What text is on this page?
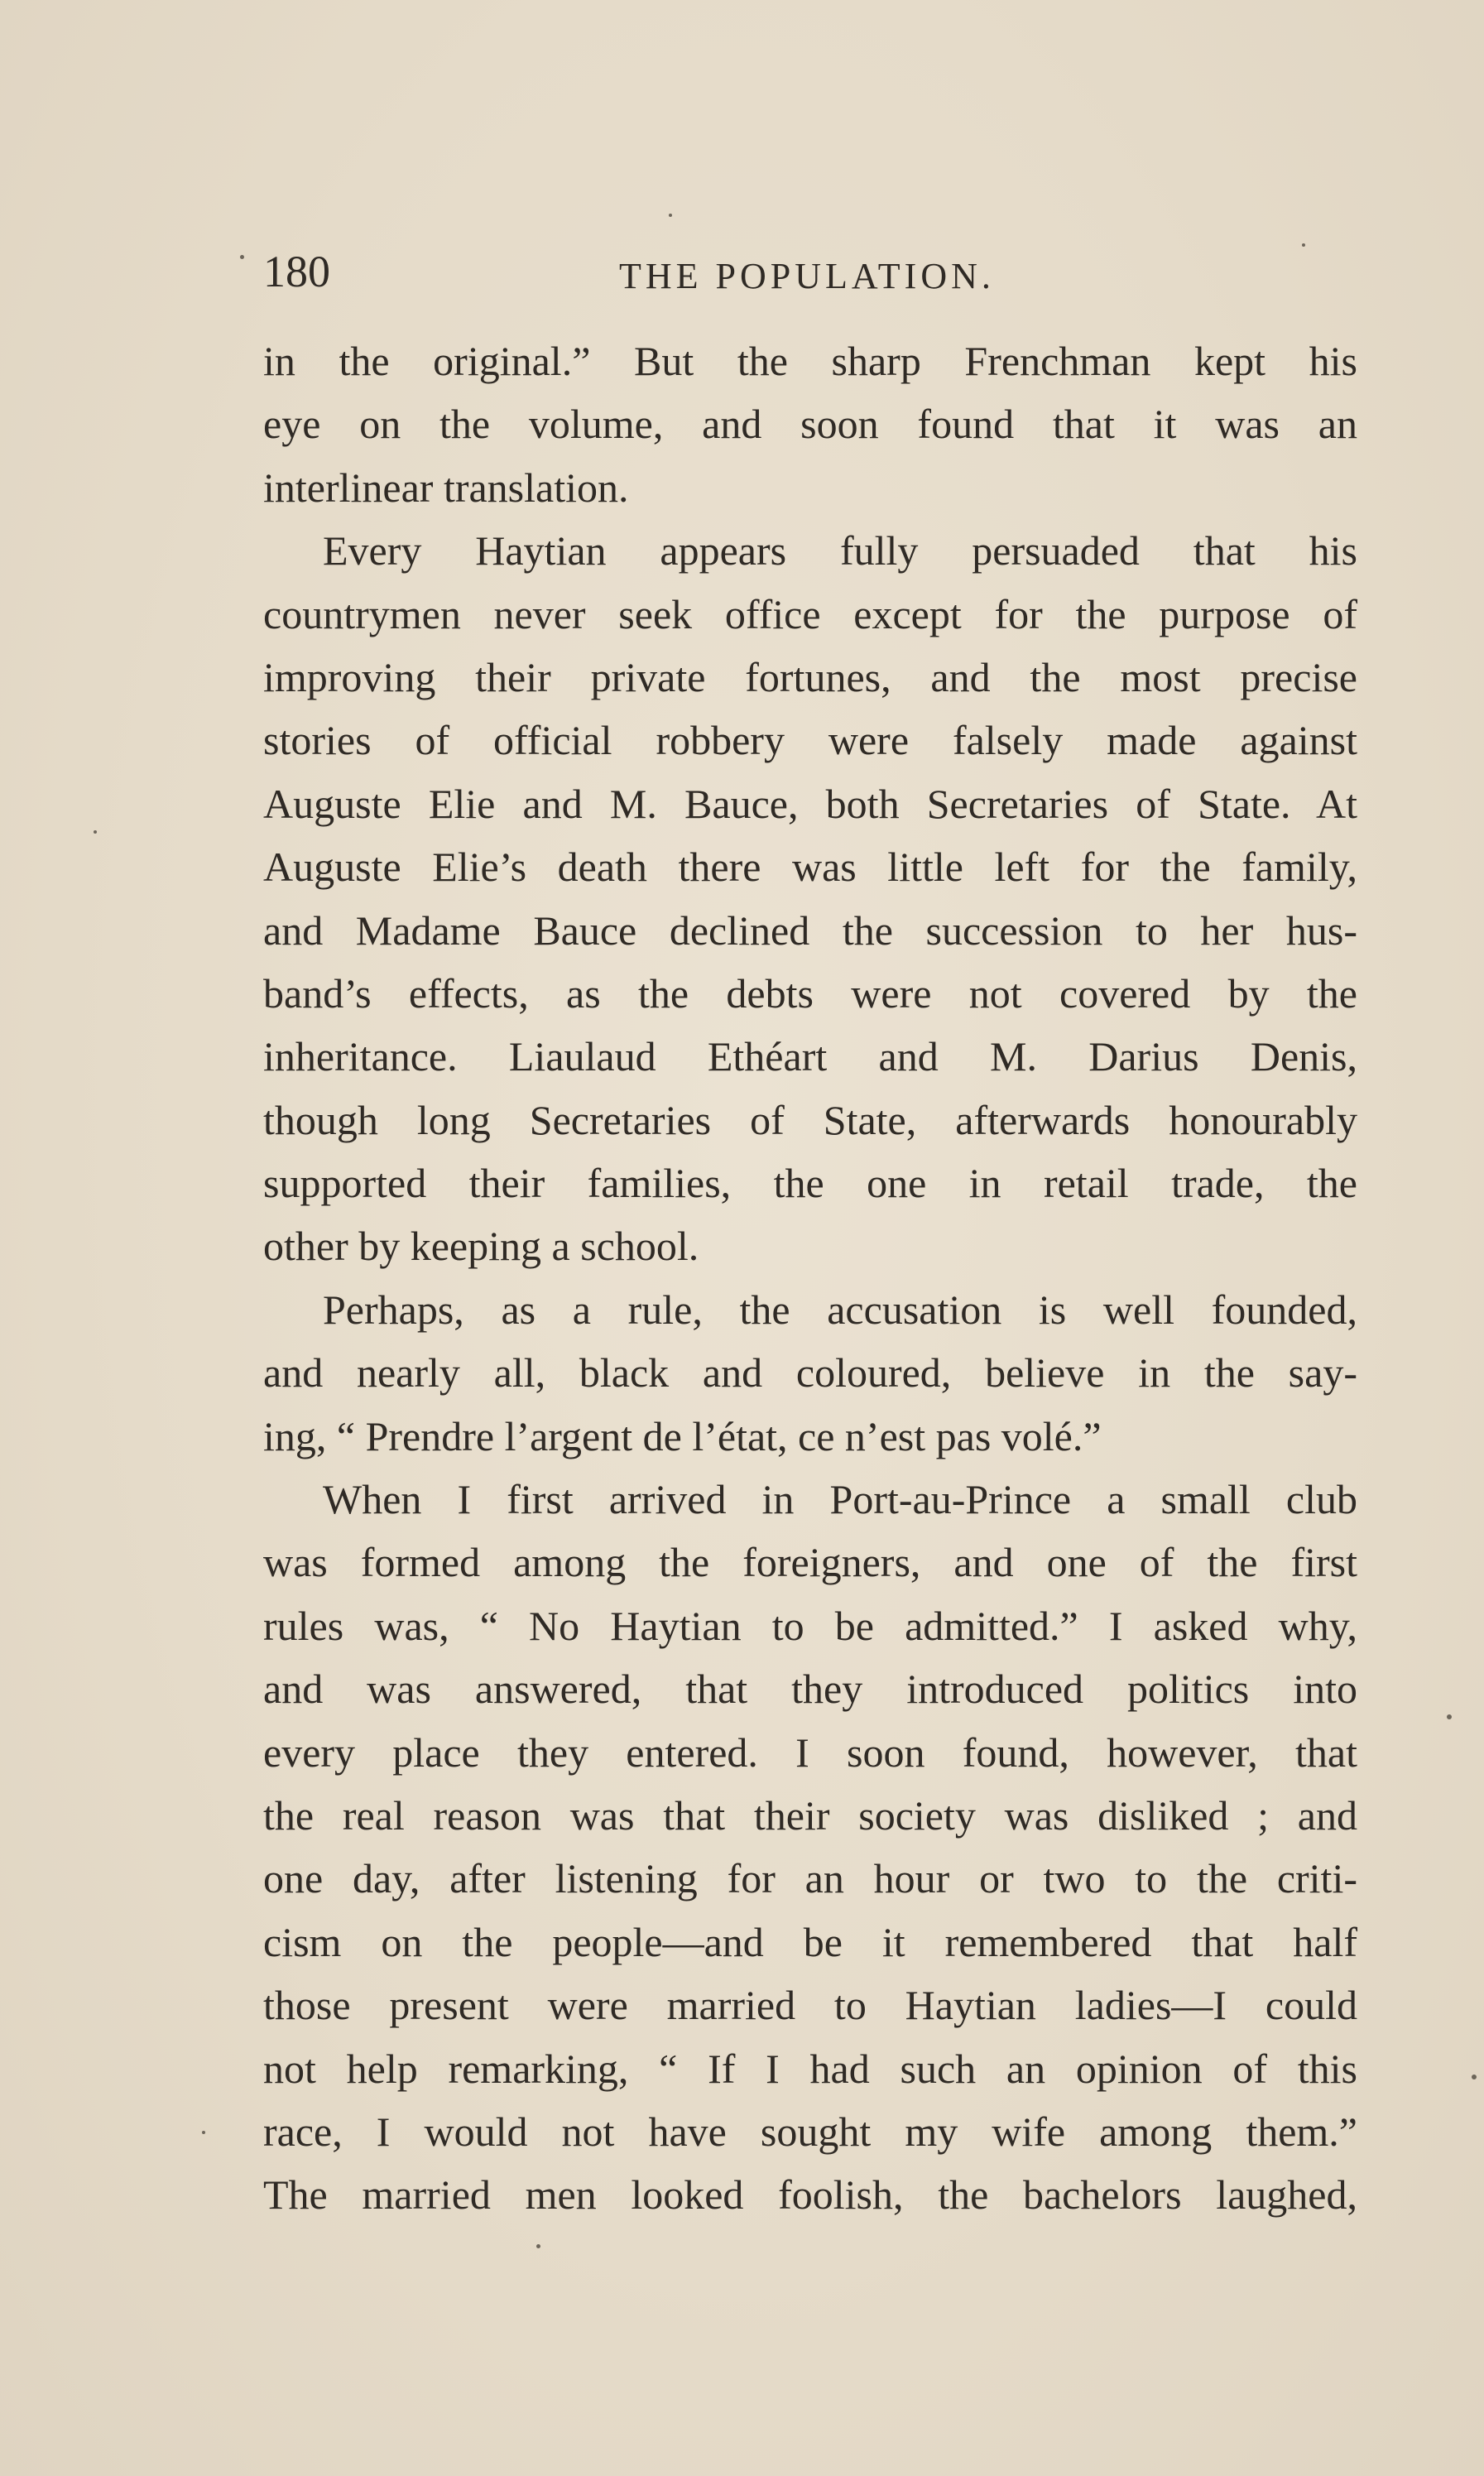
180	THE POPULATION.
in the original.” But the sharp Frenchman kept his
eye on the volume, and soon found that it was an
interlinear translation.
Every Haytian appears fully persuaded that his
countrymen never seek office except for the purpose of
improving their private fortunes, and the most precise
stories of official robbery were falsely made against
Auguste Elie and M. Bauce, both Secretaries of State. At
Auguste Elie’s death there was little left for the family,
and Madame Bauce declined the succession to her hus-
band’s effects, as the debts were not covered by the
inheritance. Liaulaud Ethéart and M. Darius Denis,
though long Secretaries of State, afterwards honourably
supported their families, the one in retail trade, the
other by keeping a school.
Perhaps, as a rule, the accusation is well founded,
and nearly all, black and coloured, believe in the say-
ing, “ Prendre l’argent de l’état, ce n’est pas volé.”
When I first arrived in Port-au-Prince a small club
was formed among the foreigners, and one of the first
rules was, “ No Haytian to be admitted.” I asked why,
and was answered, that they introduced politics into
every place they entered. I soon found, however, that
the real reason was that their society was disliked ; and
one day, after listening for an hour or two to the criti-
cism on the people—and be it remembered that half
those present were married to Haytian ladies—I could
not help remarking, “ If I had such an opinion of this
race, I would not have sought my wife among them.”
The married men looked foolish, the bachelors laughed,
